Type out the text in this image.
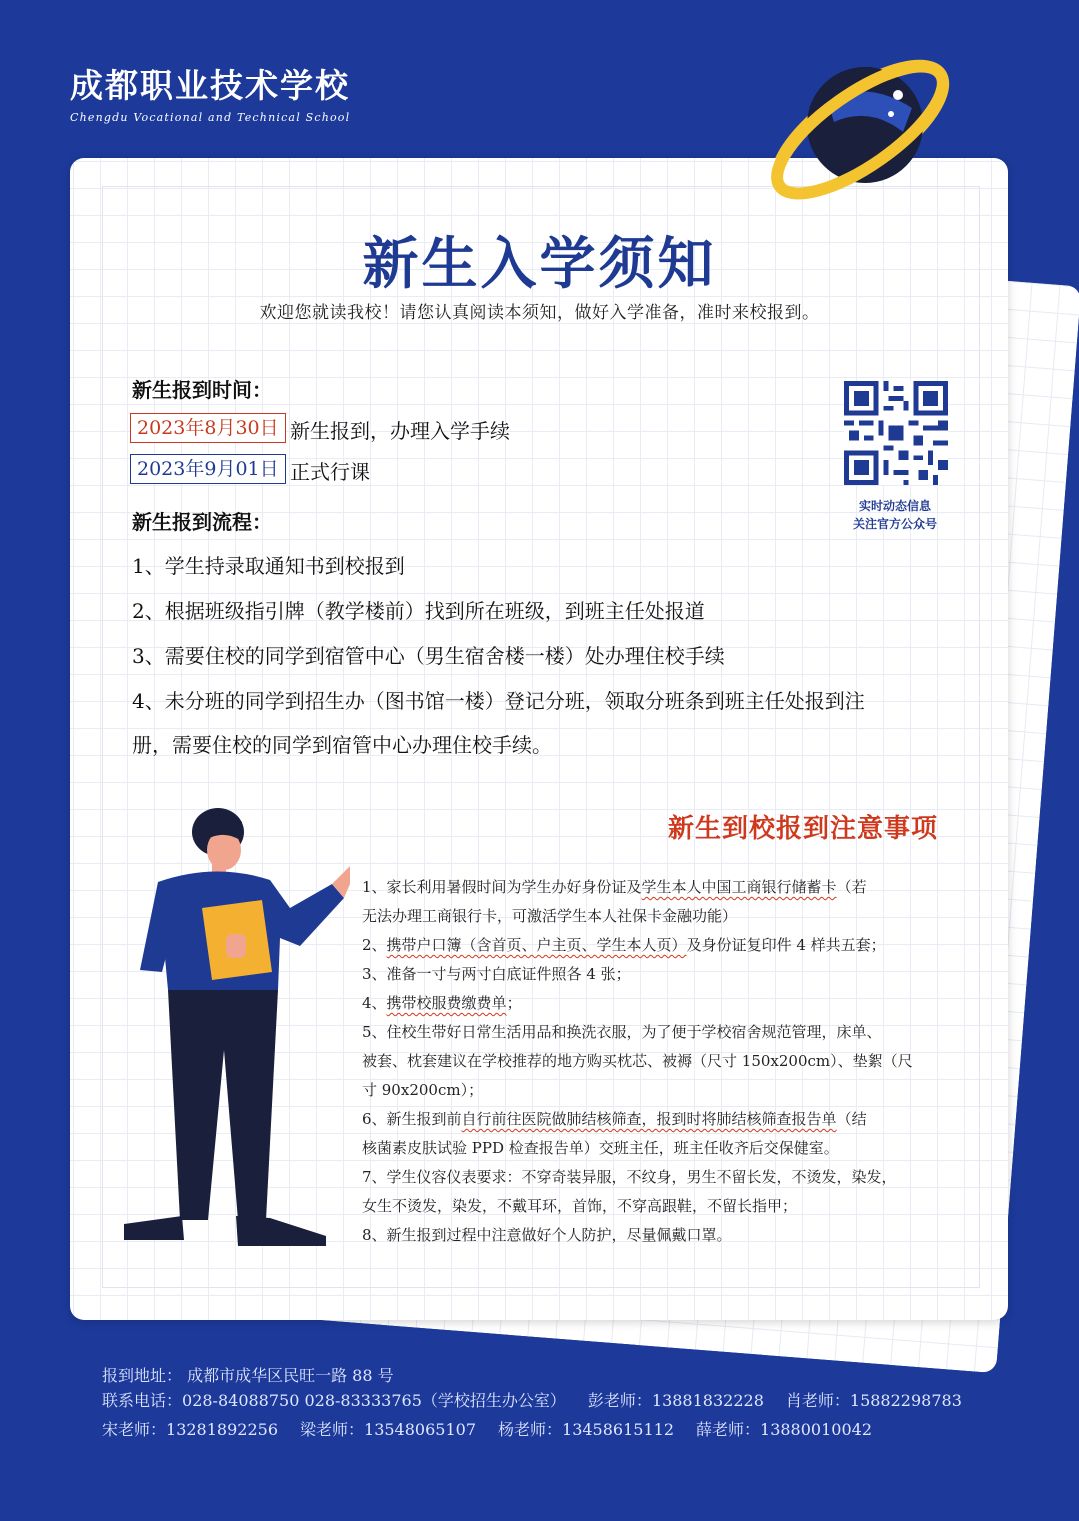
成都职业技术学校
Chengdu Vocational and Technical School
新生入学须知
欢迎您就读我校！请您认真阅读本须知，做好入学准备，准时来校报到。
新生报到时间：
2023年8月30日 新生报到，办理入学手续
2023年9月01日 正式行课
实时动态信息
关注官方公众号
新生报到流程：
1、学生持录取通知书到校报到
2、根据班级指引牌（教学楼前）找到所在班级，到班主任处报道
3、需要住校的同学到宿管中心（男生宿舍楼一楼）处办理住校手续
4、未分班的同学到招生办（图书馆一楼）登记分班，领取分班条到班主任处报到注
册，需要住校的同学到宿管中心办理住校手续。
新生到校报到注意事项
1、家长利用暑假时间为学生办好身份证及学生本人中国工商银行储蓄卡（若
无法办理工商银行卡，可激活学生本人社保卡金融功能）
2、携带户口簿（含首页、户主页、学生本人页）及身份证复印件 4 样共五套；
3、准备一寸与两寸白底证件照各 4 张；
4、携带校服费缴费单；
5、住校生带好日常生活用品和换洗衣服，为了便于学校宿舍规范管理，床单、
被套、枕套建议在学校推荐的地方购买枕芯、被褥（尺寸 150x200cm）、垫絮（尺
寸 90x200cm）；
6、新生报到前自行前往医院做肺结核筛查，报到时将肺结核筛查报告单（结
核菌素皮肤试验 PPD 检查报告单）交班主任，班主任收齐后交保健室。
7、学生仪容仪表要求：不穿奇装异服，不纹身，男生不留长发，不烫发，染发，
女生不烫发，染发，不戴耳环，首饰，不穿高跟鞋，不留长指甲；
8、新生报到过程中注意做好个人防护，尽量佩戴口罩。
报到地址： 成都市成华区民旺一路 88 号
联系电话：028-84088750 028-83333765（学校招生办公室） 彭老师：13881832228 肖老师：15882298783
宋老师：13281892256 梁老师：13548065107 杨老师：13458615112 薛老师：13880010042
